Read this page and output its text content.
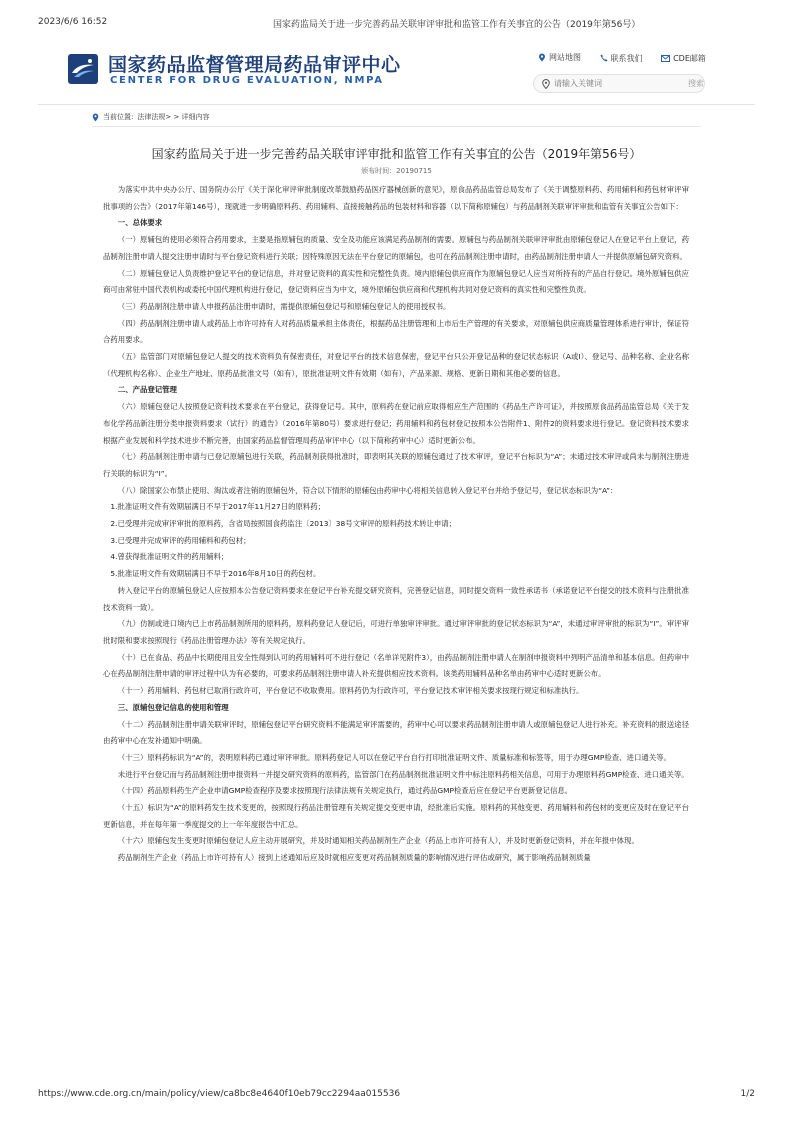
2023/6/6 16:52	国家药监局关于进一步完善药品关联审评审批和监管工作有关事宜的公告（2019年第56号）
国家药品监督管理局药品审评中心
CENTER FOR DRUG EVALUATION, NMPA
网站地图
	联系我们
	CDE邮箱
请输入关键词
搜索
当前位置: 法律法规> > 详细内容
国家药监局关于进一步完善药品关联审评审批和监管工作有关事宜的公告（2019年第56号）
颁布时间：20190715

为落实中共中央办公厅、国务院办公厅《关于深化审评审批制度改革鼓励药品医疗器械创新的意见》，原食品药品监管总局发布了《关于调整原料药、药用辅料和药包材审评审批事项的公告》（2017年第146号），现就进一步明确原料药、药用辅料、直接接触药品的包装材料和容器（以下简称原辅包）与药品制剂关联审评审批和监管有关事宜公告如下：

一、总体要求

（一）原辅包的使用必须符合药用要求，主要是指原辅包的质量、安全及功能应该满足药品制剂的需要。原辅包与药品制剂关联审评审批由原辅包登记人在登记平台上登记，药品制剂注册申请人提交注册申请时与平台登记资料进行关联；因特殊原因无法在平台登记的原辅包，也可在药品制剂注册申请时，由药品制剂注册申请人一并提供原辅包研究资料。

（二）原辅包登记人负责维护登记平台的登记信息，并对登记资料的真实性和完整性负责。境内原辅包供应商作为原辅包登记人应当对所持有的产品自行登记。境外原辅包供应商可由常驻中国代表机构或委托中国代理机构进行登记，登记资料应当为中文，境外原辅包供应商和代理机构共同对登记资料的真实性和完整性负责。

（三）药品制剂注册申请人申报药品注册申请时，需提供原辅包登记号和原辅包登记人的使用授权书。

（四）药品制剂注册申请人或药品上市许可持有人对药品质量承担主体责任，根据药品注册管理和上市后生产管理的有关要求，对原辅包供应商质量管理体系进行审计，保证符合药用要求。

（五）监管部门对原辅包登记人提交的技术资料负有保密责任，对登记平台的技术信息保密，登记平台只公开登记品种的登记状态标识（A或I）、登记号、品种名称、企业名称（代理机构名称）、企业生产地址、原药品批准文号（如有），原批准证明文件有效期（如有），产品来源、规格、更新日期和其他必要的信息。

二、产品登记管理

（六）原辅包登记人按照登记资料技术要求在平台登记，获得登记号。其中，原料药在登记前应取得相应生产范围的《药品生产许可证》，并按照原食品药品监管总局《关于发布化学药品新注册分类申报资料要求（试行）的通告》（2016年第80号）要求进行登记；药用辅料和药包材登记按照本公告附件1、附件2的资料要求进行登记。登记资料技术要求根据产业发展和科学技术进步不断完善，由国家药品监督管理局药品审评中心（以下简称药审中心）适时更新公布。

（七）药品制剂注册申请与已登记原辅包进行关联，药品制剂获得批准时，即表明其关联的原辅包通过了技术审评，登记平台标识为“A”；未通过技术审评或尚未与制剂注册进行关联的标识为“I”。

（八）除国家公布禁止使用、淘汰或者注销的原辅包外，符合以下情形的原辅包由药审中心将相关信息转入登记平台并给予登记号，登记状态标识为“A”：

1.批准证明文件有效期届满日不早于2017年11月27日的原料药；

2.已受理并完成审评审批的原料药，含省局按照国食药监注〔2013〕38号文审评的原料药技术转让申请；

3.已受理并完成审评的药用辅料和药包材；

4.曾获得批准证明文件的药用辅料；

5.批准证明文件有效期届满日不早于2016年8月10日的药包材。

转入登记平台的原辅包登记人应按照本公告登记资料要求在登记平台补充提交研究资料，完善登记信息，同时提交资料一致性承诺书（承诺登记平台提交的技术资料与注册批准技术资料一致）。

（九）仿制或进口境内已上市药品制剂所用的原料药，原料药登记人登记后，可进行单独审评审批。通过审评审批的登记状态标识为“A”，未通过审评审批的标识为“I”。审评审批时限和要求按照现行《药品注册管理办法》等有关规定执行。

（十）已在食品、药品中长期使用且安全性得到认可的药用辅料可不进行登记（名单详见附件3），由药品制剂注册申请人在制剂申报资料中列明产品清单和基本信息。但药审中心在药品制剂注册申请的审评过程中认为有必要的，可要求药品制剂注册申请人补充提供相应技术资料。该类药用辅料品种名单由药审中心适时更新公布。

（十一）药用辅料、药包材已取消行政许可，平台登记不收取费用。原料药仍为行政许可，平台登记技术审评相关要求按现行规定和标准执行。

三、原辅包登记信息的使用和管理

（十二）药品制剂注册申请关联审评时，原辅包登记平台研究资料不能满足审评需要的，药审中心可以要求药品制剂注册申请人或原辅包登记人进行补充。补充资料的报送途径由药审中心在发补通知中明确。

（十三）原料药标识为“A”的，表明原料药已通过审评审批。原料药登记人可以在登记平台自行打印批准证明文件、质量标准和标签等，用于办理GMP检查、进口通关等。

未进行平台登记而与药品制剂注册申报资料一并提交研究资料的原料药，监管部门在药品制剂批准证明文件中标注原料药相关信息，可用于办理原料药GMP检查、进口通关等。

（十四）药品原料药生产企业申请GMP检查程序及要求按照现行法律法规有关规定执行，通过药品GMP检查后应在登记平台更新登记信息。

（十五）标识为“A”的原料药发生技术变更的，按照现行药品注册管理有关规定提交变更申请，经批准后实施。原料药的其他变更、药用辅料和药包材的变更应及时在登记平台更新信息，并在每年第一季度提交的上一年年度报告中汇总。

（十六）原辅包发生变更时原辅包登记人应主动开展研究，并及时通知相关药品制剂生产企业（药品上市许可持有人），并及时更新登记资料，并在年报中体现。

药品制剂生产企业（药品上市许可持有人）接到上述通知后应及时就相应变更对药品制剂质量的影响情况进行评估或研究，属于影响药品制剂质量

https://www.cde.org.cn/main/policy/view/ca8bc8e4640f10eb79cc2294aa015536	1/2
